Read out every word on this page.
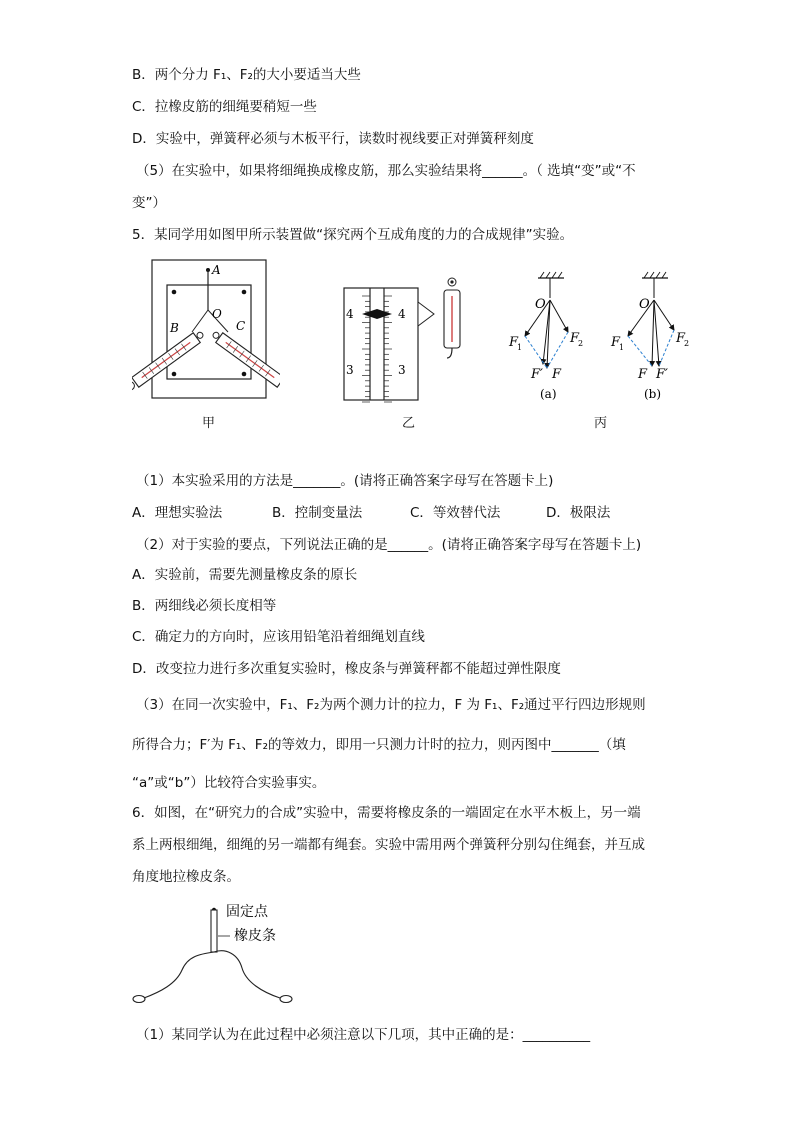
B．两个分力 F₁、F₂的大小要适当大些
C．拉橡皮筋的细绳要稍短一些
D．实验中，弹簧秤必须与木板平行，读数时视线要正对弹簧秤刻度
（5）在实验中，如果将细绳换成橡皮筋，那么实验结果将______。（ 选填“变”或“不
变”）
5．某同学用如图甲所示装置做“探究两个互成角度的力的合成规律”实验。
A
O
B	C
甲
4
3
4
3
乙
O
F
1
F
2
F′ F
(a)
O
F
1
F
2
F F′
(b)
丙
（1）本实验采用的方法是_______。(请将正确答案字母写在答题卡上)
A．理想实验法	B．控制变量法	C．等效替代法	D．极限法
（2）对于实验的要点，下列说法正确的是______。(请将正确答案字母写在答题卡上)
A．实验前，需要先测量橡皮条的原长
B．两细线必须长度相等
C．确定力的方向时，应该用铅笔沿着细绳划直线
D．改变拉力进行多次重复实验时，橡皮条与弹簧秤都不能超过弹性限度
（3）在同一次实验中，F₁、F₂为两个测力计的拉力，F 为 F₁、F₂通过平行四边形规则
所得合力；F′为 F₁、F₂的等效力，即用一只测力计时的拉力，则丙图中_______（填
“a”或“b”）比较符合实验事实。
6．如图，在“研究力的合成”实验中，需要将橡皮条的一端固定在水平木板上，另一端
系上两根细绳，细绳的另一端都有绳套。实验中需用两个弹簧秤分别勾住绳套，并互成
角度地拉橡皮条。
固定点
橡皮条
（1）某同学认为在此过程中必须注意以下几项，其中正确的是：__________
